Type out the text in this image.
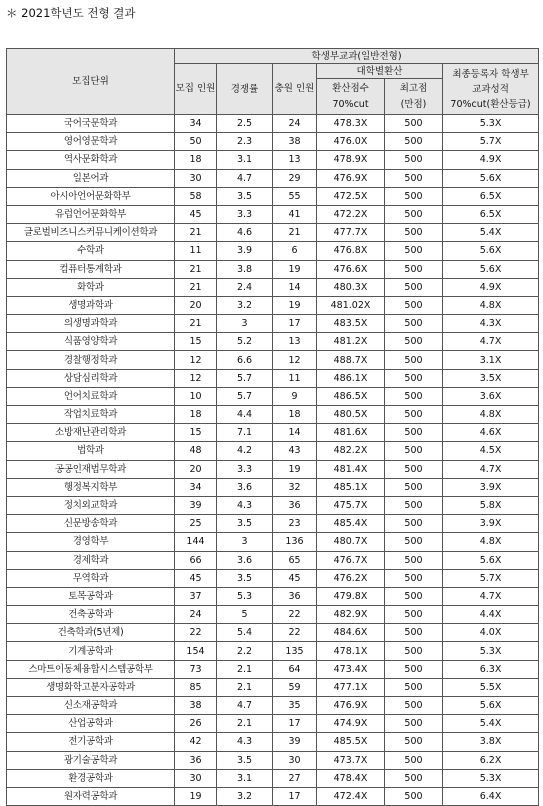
＊ 2021학년도 전형 결과
모집단위	학생부교과(일반전형)					
	모집 인원	경쟁률	충원 인원	대학별환산		최종등록자 학생부 교과성적 70%cut(환산등급)
				환산점수 70%cut	최고점 (만점)	
국어국문학과	34	2.5	24	478.3X	500	5.3X
영어영문학과	50	2.3	38	476.0X	500	5.7X
역사문화학과	18	3.1	13	478.9X	500	4.9X
일본어과	30	4.7	29	476.9X	500	5.6X
아시아언어문화학부	58	3.5	55	472.5X	500	6.5X
유럽언어문화학부	45	3.3	41	472.2X	500	6.5X
글로벌비즈니스커뮤니케이션학과	21	4.6	21	477.7X	500	5.4X
수학과	11	3.9	6	476.8X	500	5.6X
컴퓨터통계학과	21	3.8	19	476.6X	500	5.6X
화학과	21	2.4	14	480.3X	500	4.9X
생명과학과	20	3.2	19	481.02X	500	4.8X
의생명과학과	21	3	17	483.5X	500	4.3X
식품영양학과	15	5.2	13	481.2X	500	4.7X
경찰행정학과	12	6.6	12	488.7X	500	3.1X
상담심리학과	12	5.7	11	486.1X	500	3.5X
언어치료학과	10	5.7	9	486.5X	500	3.6X
작업치료학과	18	4.4	18	480.5X	500	4.8X
소방재난관리학과	15	7.1	14	481.6X	500	4.6X
법학과	48	4.2	43	482.2X	500	4.5X
공공인재법무학과	20	3.3	19	481.4X	500	4.7X
행정복지학부	34	3.6	32	485.1X	500	3.9X
정치외교학과	39	4.3	36	475.7X	500	5.8X
신문방송학과	25	3.5	23	485.4X	500	3.9X
경영학부	144	3	136	480.7X	500	4.8X
경제학과	66	3.6	65	476.7X	500	5.6X
무역학과	45	3.5	45	476.2X	500	5.7X
토목공학과	37	5.3	36	479.8X	500	4.7X
건축공학과	24	5	22	482.9X	500	4.4X
건축학과(5년제)	22	5.4	22	484.6X	500	4.0X
기계공학과	154	2.2	135	478.1X	500	5.3X
스마트이동체융합시스템공학부	73	2.1	64	473.4X	500	6.3X
생명화학고분자공학과	85	2.1	59	477.1X	500	5.5X
신소재공학과	38	4.7	35	476.9X	500	5.6X
산업공학과	26	2.1	17	474.9X	500	5.4X
전기공학과	42	4.3	39	485.5X	500	3.8X
광기술공학과	36	3.5	30	473.7X	500	6.2X
환경공학과	30	3.1	27	478.4X	500	5.3X
원자력공학과	19	3.2	17	472.4X	500	6.4X
